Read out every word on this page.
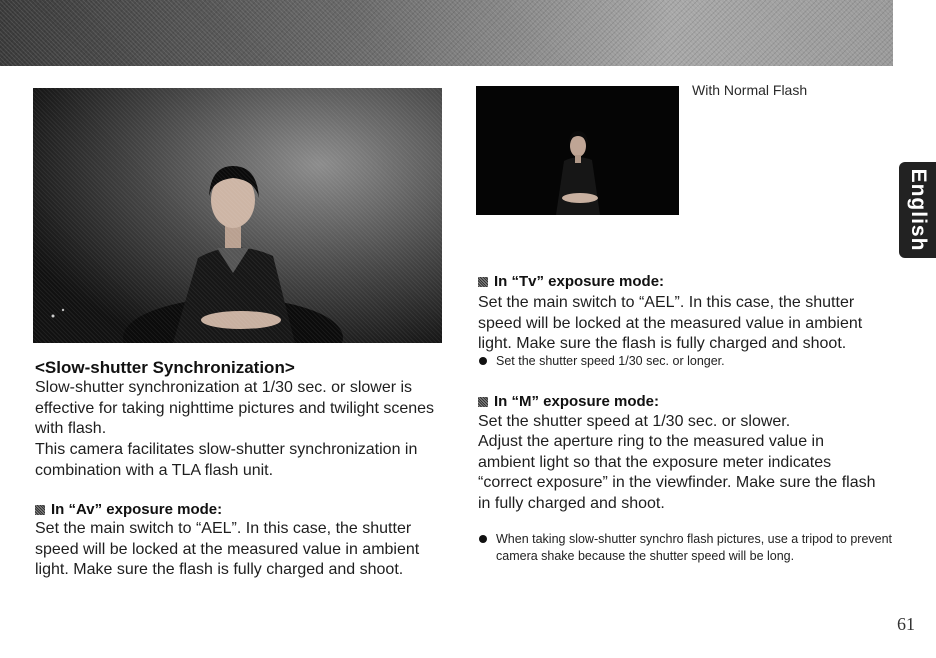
With Normal Flash
<Slow-shutter Synchronization>

Slow-shutter synchronization at 1/30 sec. or slower is effective for taking nighttime pictures and twilight scenes with flash.

This camera facilitates slow-shutter synchronization in combination with a TLA flash unit.

In “Av” exposure mode:

Set the main switch to “AEL”. In this case, the shutter speed will be locked at the measured value in ambient light. Make sure the flash is fully charged and shoot.

In “Tv” exposure mode:

Set the main switch to “AEL”. In this case, the shutter speed will be locked at the measured value in ambient light. Make sure the flash is fully charged and shoot.

Set the shutter speed 1/30 sec. or longer.
In “M” exposure mode:

Set the shutter speed at 1/30 sec. or slower.

Adjust the aperture ring to the measured value in ambient light so that the exposure meter indicates “correct exposure” in the viewfinder. Make sure the flash in fully charged and shoot.

When taking slow-shutter synchro flash pictures, use a tripod to prevent camera shake because the shutter speed will be long.
English
61
